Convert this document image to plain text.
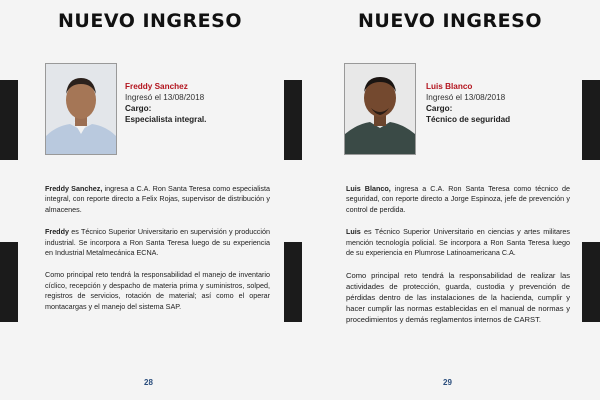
NUEVO INGRESO
Freddy Sanchez
Ingresó el 13/08/2018
Cargo:
Especialista integral.

Freddy Sanchez, ingresa a C.A. Ron Santa Teresa como especialista integral, con reporte directo a Felix Rojas, supervisor de distribución y almacenes.

Freddy es Técnico Superior Universitario en supervisión y producción industrial. Se incorpora a Ron Santa Teresa luego de su experiencia en Industrial Metalmecánica ECNA.

Como principal reto tendrá la responsabilidad el manejo de inventario cíclico, recepción y despacho de materia prima y suministros, solped, registros de servicios, rotación de material; así como el operar montacargas y el manejo del sistema SAP.

28
NUEVO INGRESO
Luis Blanco
Ingresó el 13/08/2018
Cargo:
Técnico de seguridad

Luis Blanco, ingresa a C.A. Ron Santa Teresa como técnico de seguridad, con reporte directo a Jorge Espinoza, jefe de prevención y control de perdida.

Luis es Técnico Superior Universitario en ciencias y artes militares mención tecnología policial. Se incorpora a Ron Santa Teresa luego de su experiencia en Plumrose Latinoamericana C.A.

Como principal reto tendrá la responsabilidad de realizar las actividades de protección, guarda, custodia y prevención de pérdidas dentro de las instalaciones de la hacienda, cumplir y hacer cumplir las normas establecidas en el manual de normas y procedimientos y demás reglamentos internos de CARST.

29
